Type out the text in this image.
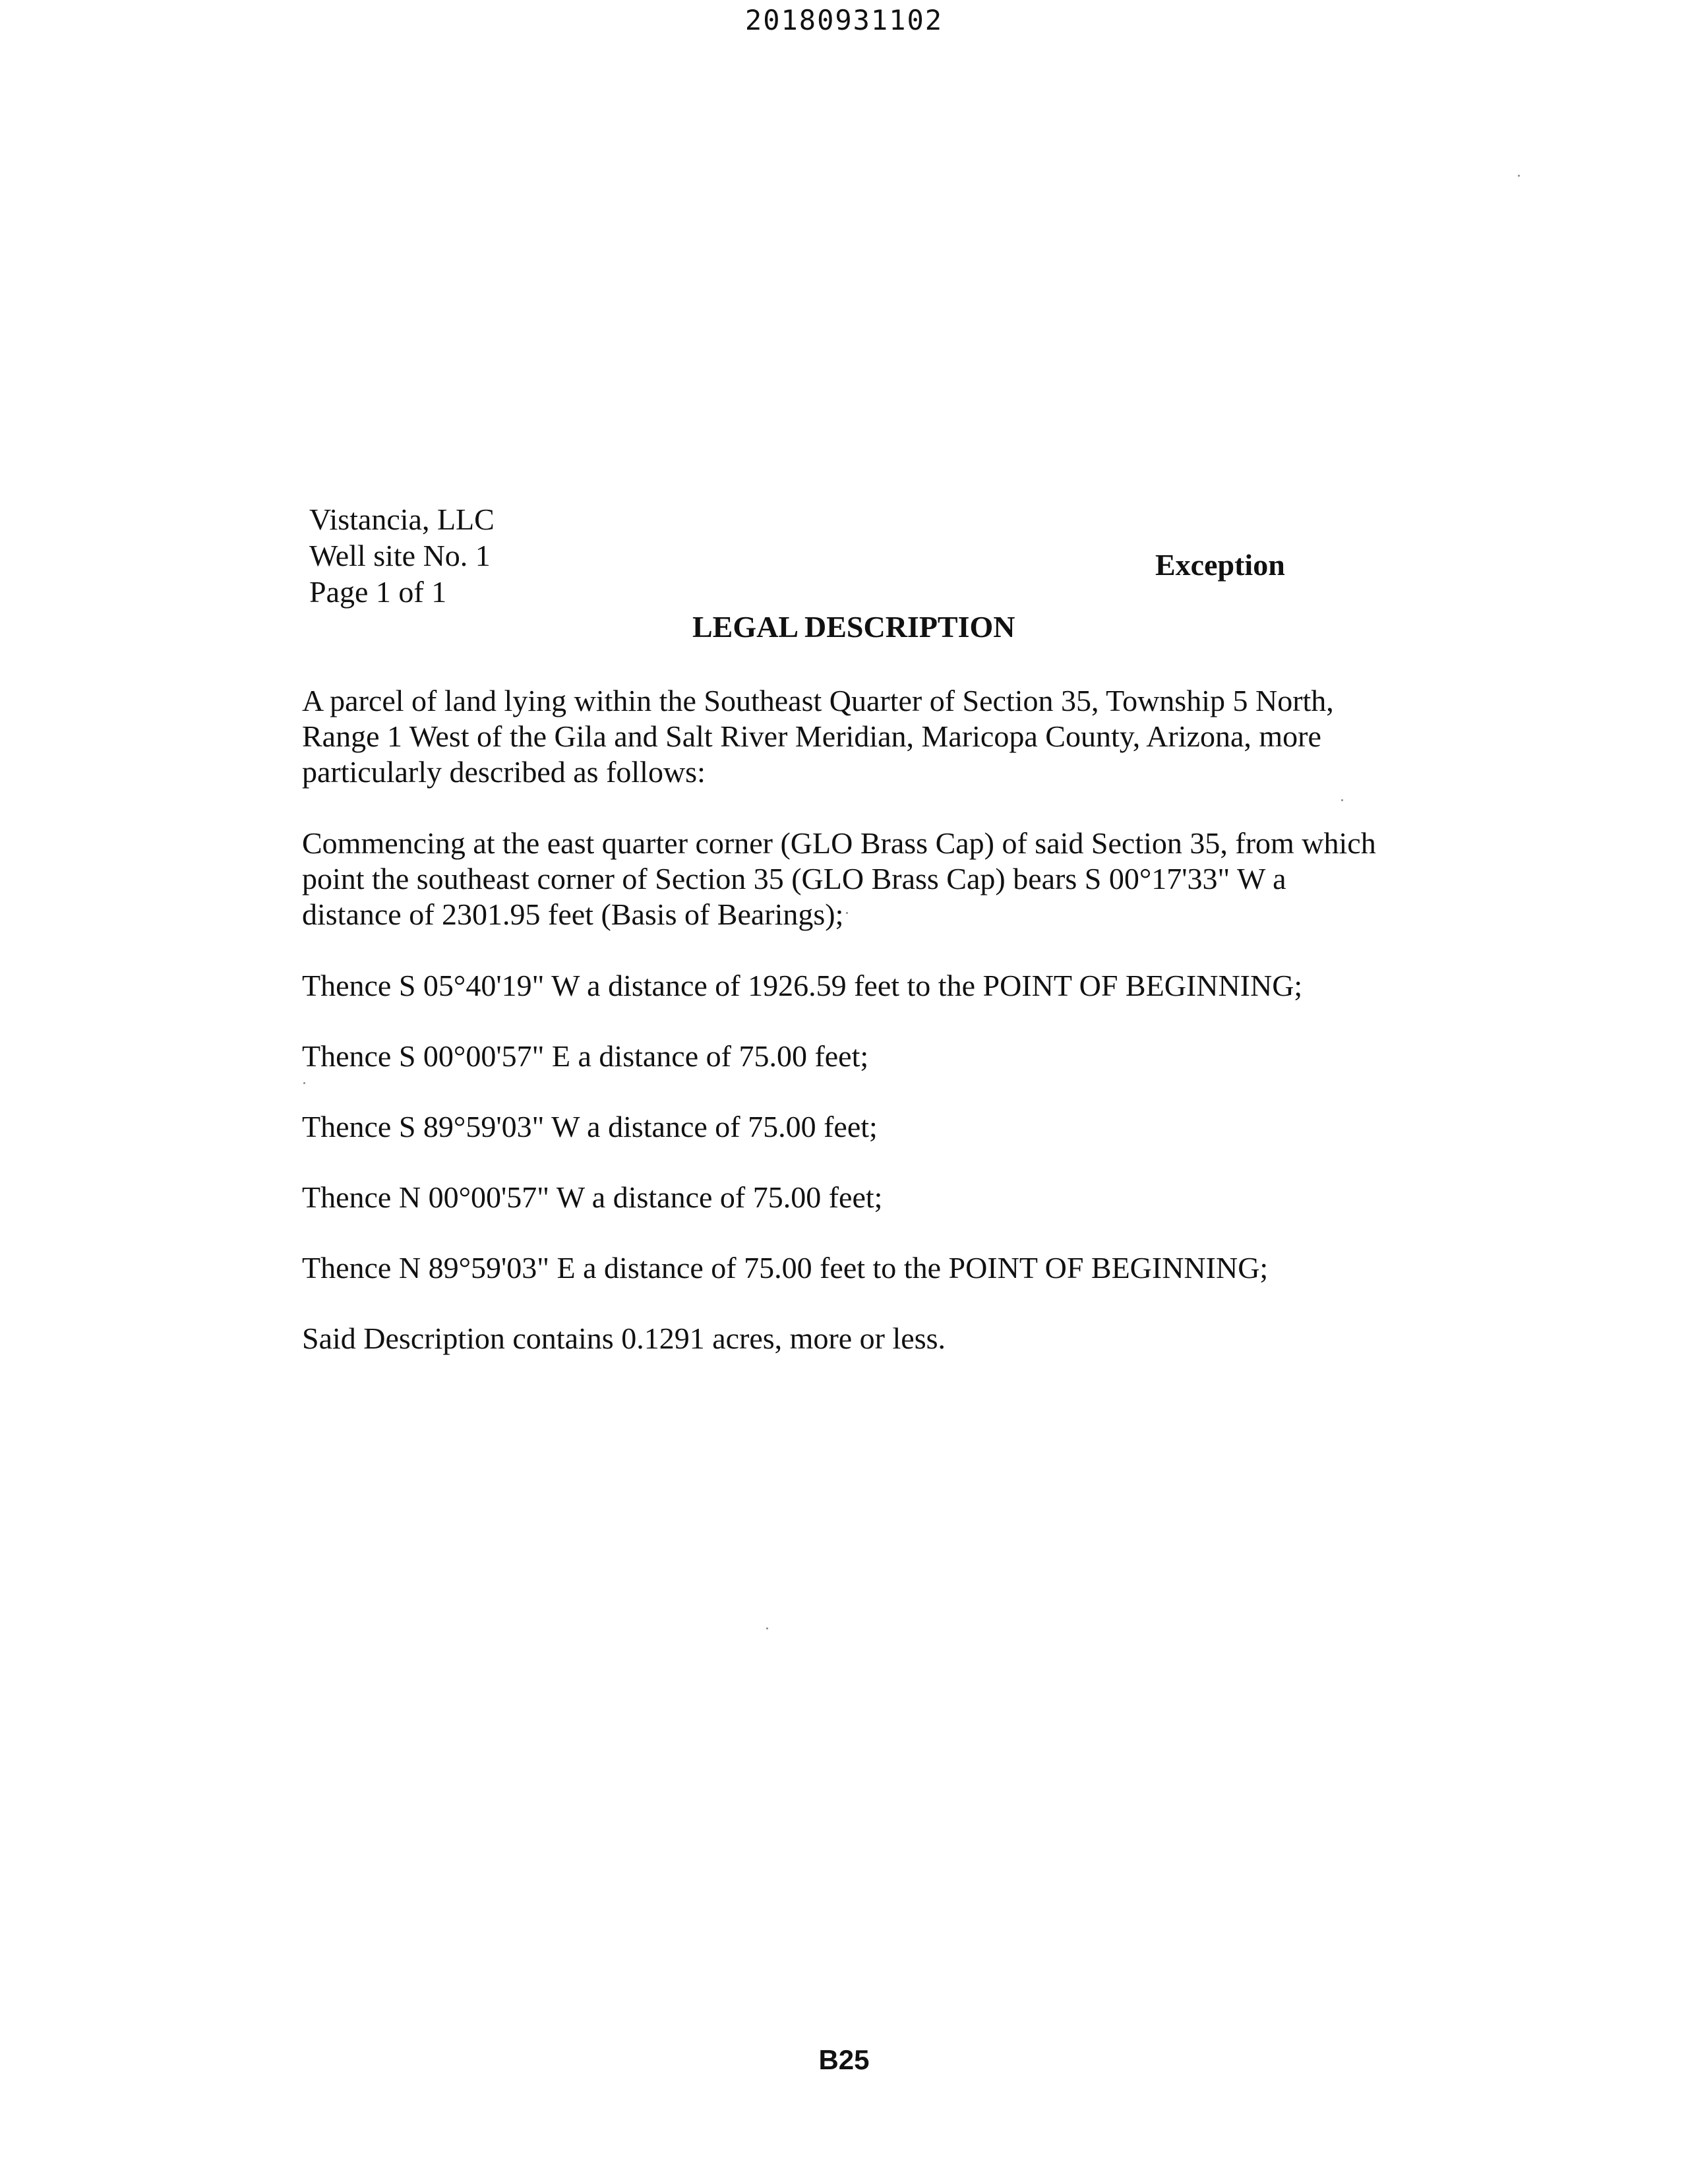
20180931102
Vistancia, LLC
Well site No. 1
Page 1 of 1
Exception
LEGAL DESCRIPTION
A parcel of land lying within the Southeast Quarter of Section 35, Township 5 North,
Range 1 West of the Gila and Salt River Meridian, Maricopa County, Arizona, more
particularly described as follows:
Commencing at the east quarter corner (GLO Brass Cap) of said Section 35, from which
point the southeast corner of Section 35 (GLO Brass Cap) bears S 00°17'33" W a
distance of 2301.95 feet (Basis of Bearings);
Thence S 05°40'19" W a distance of 1926.59 feet to the POINT OF BEGINNING;
Thence S 00°00'57" E a distance of 75.00 feet;
Thence S 89°59'03" W a distance of 75.00 feet;
Thence N 00°00'57" W a distance of 75.00 feet;
Thence N 89°59'03" E a distance of 75.00 feet to the POINT OF BEGINNING;
Said Description contains 0.1291 acres, more or less.
B25
